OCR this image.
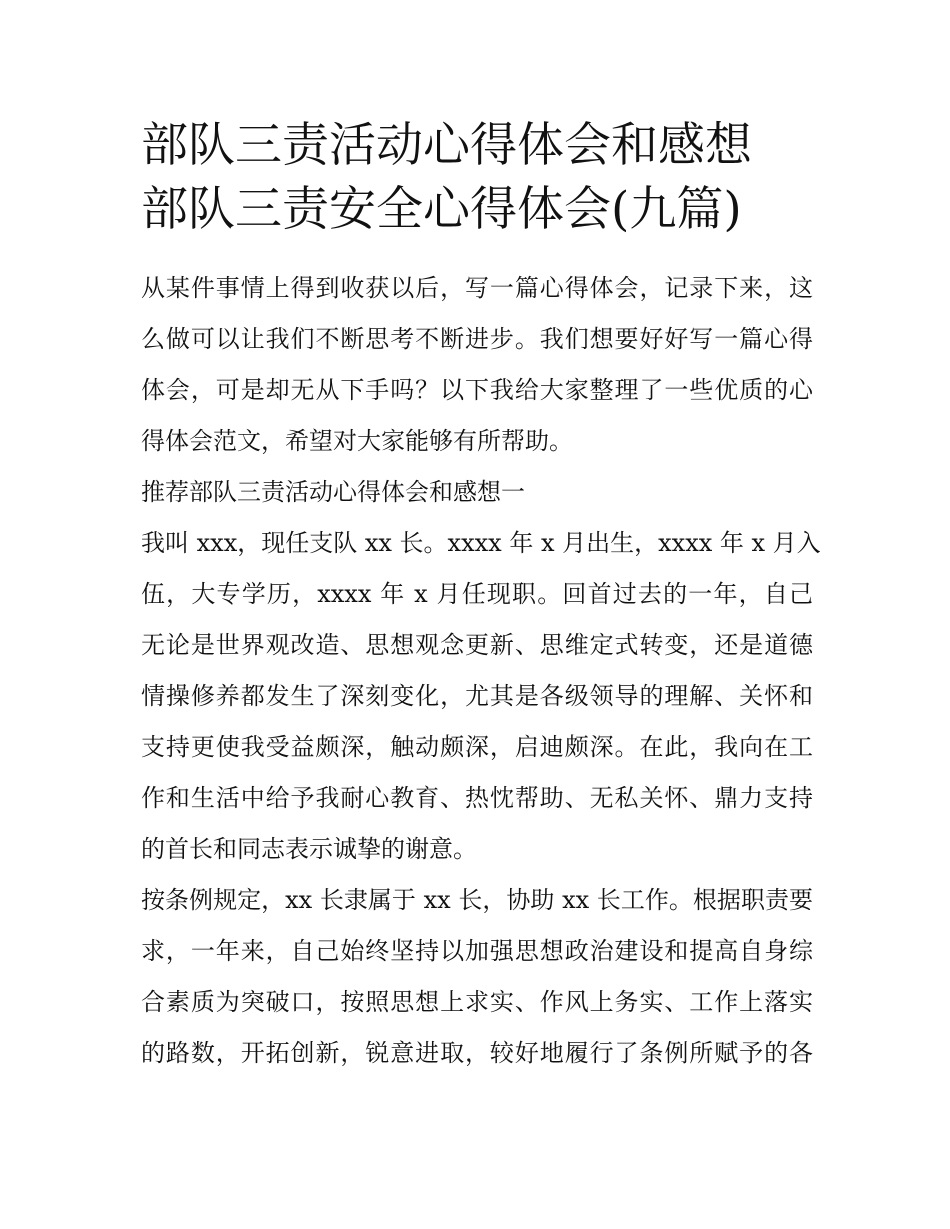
部队三责活动心得体会和感想
部队三责安全心得体会(九篇)

从某件事情上得到收获以后，写一篇心得体会，记录下来，这
么做可以让我们不断思考不断进步。我们想要好好写一篇心得
体会，可是却无从下手吗？以下我给大家整理了一些优质的心
得体会范文，希望对大家能够有所帮助。

推荐部队三责活动心得体会和感想一

我叫 xxx，现任支队 xx 长。xxxx 年 x 月出生，xxxx 年 x 月入
伍，大专学历，xxxx 年 x 月任现职。回首过去的一年，自己
无论是世界观改造、思想观念更新、思维定式转变，还是道德
情操修养都发生了深刻变化，尤其是各级领导的理解、关怀和
支持更使我受益颇深，触动颇深，启迪颇深。在此，我向在工
作和生活中给予我耐心教育、热忱帮助、无私关怀、鼎力支持
的首长和同志表示诚挚的谢意。

按条例规定，xx 长隶属于 xx 长，协助 xx 长工作。根据职责要
求，一年来，自己始终坚持以加强思想政治建设和提高自身综
合素质为突破口，按照思想上求实、作风上务实、工作上落实
的路数，开拓创新，锐意进取，较好地履行了条例所赋予的各
